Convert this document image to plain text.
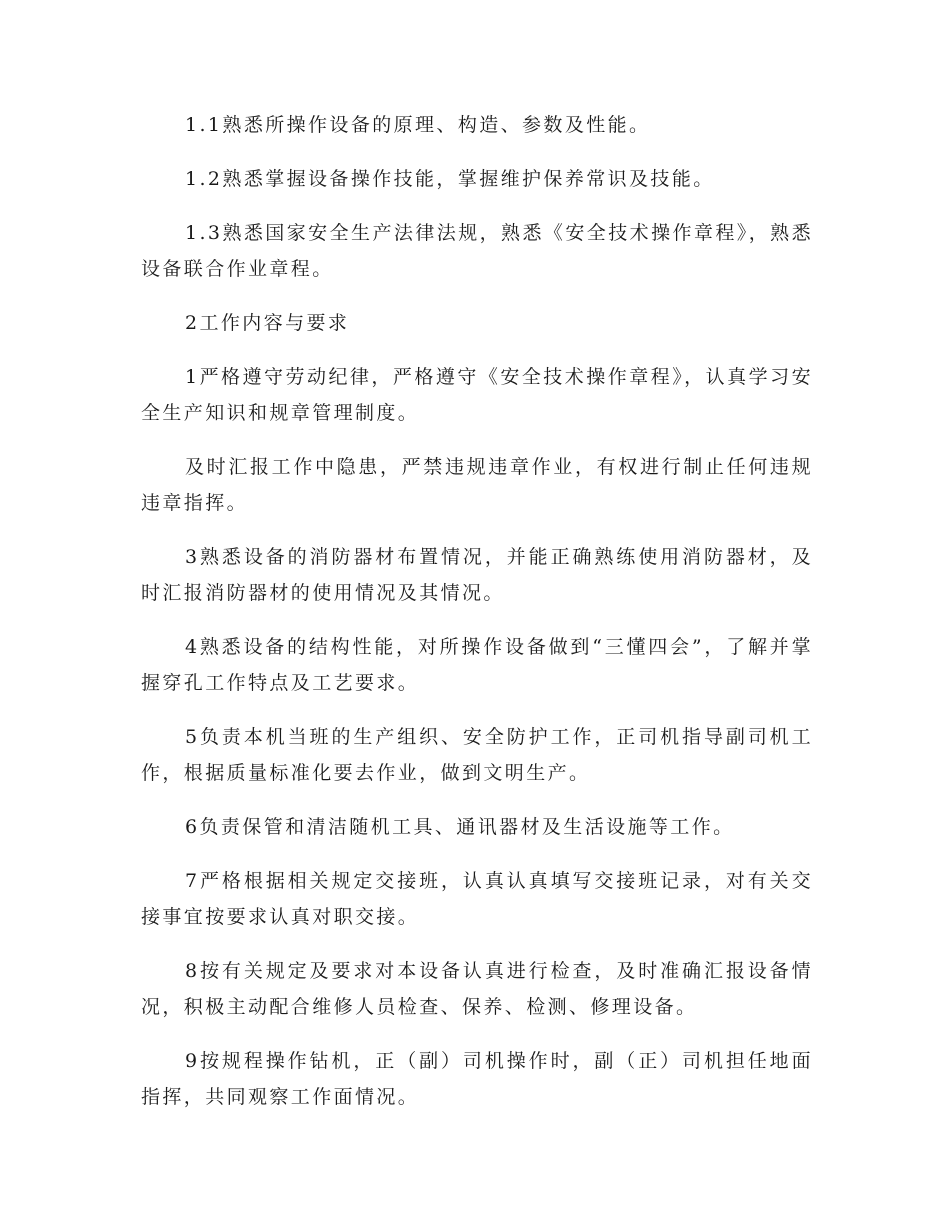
1.1熟悉所操作设备的原理、构造、参数及性能。

1.2熟悉掌握设备操作技能，掌握维护保养常识及技能。

1.3熟悉国家安全生产法律法规，熟悉《安全技术操作章程》，熟悉设备联合作业章程。

2工作内容与要求

1严格遵守劳动纪律，严格遵守《安全技术操作章程》，认真学习安全生产知识和规章管理制度。

及时汇报工作中隐患，严禁违规违章作业，有权进行制止任何违规违章指挥。

3熟悉设备的消防器材布置情况，并能正确熟练使用消防器材，及时汇报消防器材的使用情况及其情况。

4熟悉设备的结构性能，对所操作设备做到“三懂四会”，了解并掌握穿孔工作特点及工艺要求。

5负责本机当班的生产组织、安全防护工作，正司机指导副司机工作，根据质量标准化要去作业，做到文明生产。

6负责保管和清洁随机工具、通讯器材及生活设施等工作。

7严格根据相关规定交接班，认真认真填写交接班记录，对有关交接事宜按要求认真对职交接。

8按有关规定及要求对本设备认真进行检查，及时准确汇报设备情况，积极主动配合维修人员检查、保养、检测、修理设备。

9按规程操作钻机，正（副）司机操作时，副（正）司机担任地面指挥，共同观察工作面情况。
